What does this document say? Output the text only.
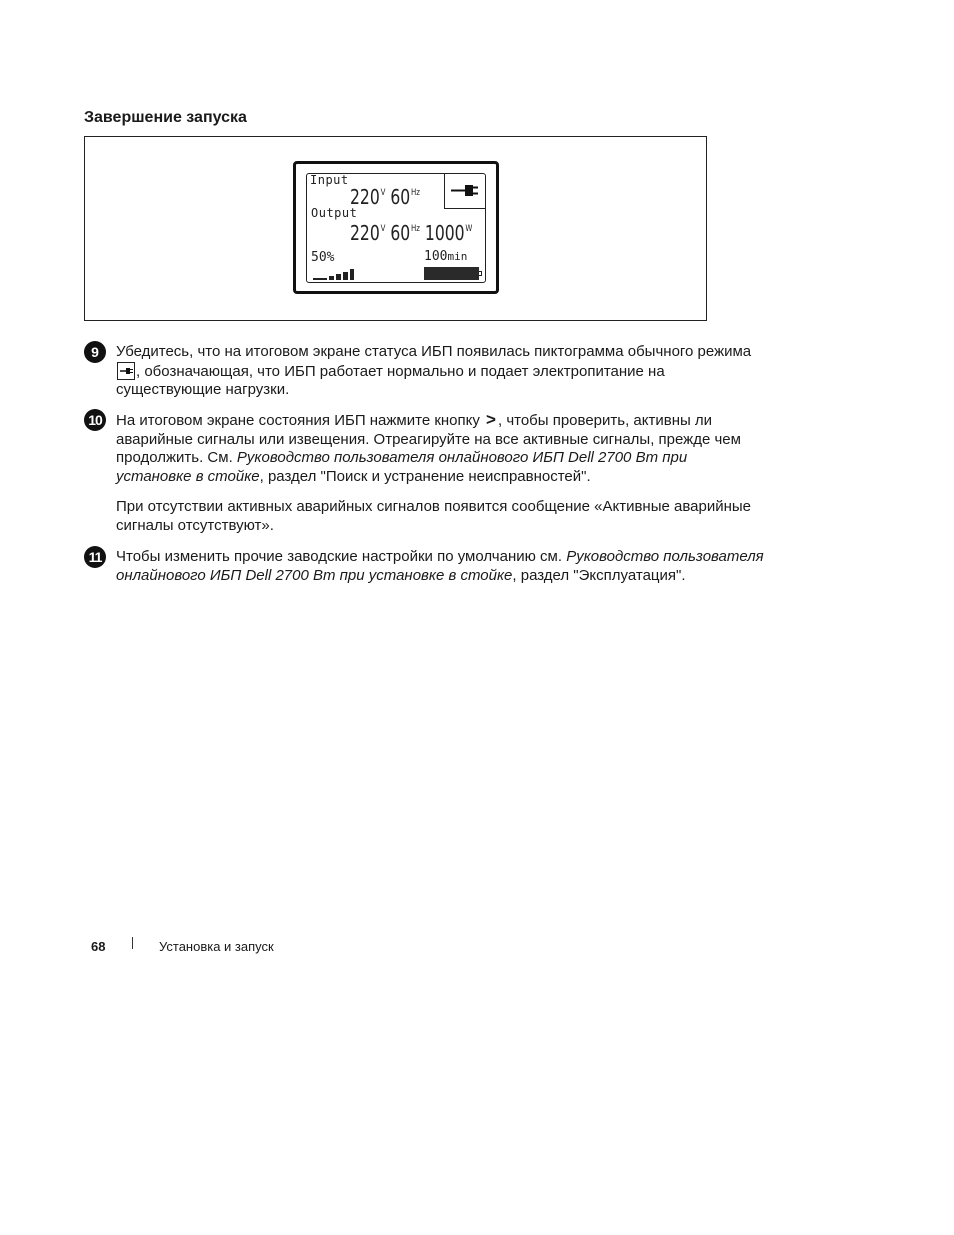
Завершение запуска
Input
$220^V$ $60^{Hz}$
Output
$220^V$ $60^{Hz}$ $1000^W$
50%	100min
9	Убедитесь, что на итоговом экране статуса ИБП появилась пиктограмма обычного режима
, обозначающая, что ИБП работает нормально и подает электропитание на существующие нагрузки.

10 На итоговом экране состояния ИБП нажмите кнопку > , чтобы проверить, активны ли аварийные сигналы или извещения. Отреагируйте на все активные сигналы, прежде чем продолжить. См. Руководство пользователя онлайнового ИБП Dell 2700 Вт при установке в стойке, раздел "Поиск и устранение неисправностей".

При отсутствии активных аварийных сигналов появится сообщение «Активные аварийные сигналы отсутствуют».

11 Чтобы изменить прочие заводские настройки по умолчанию см. Руководство пользователя онлайнового ИБП Dell 2700 Вт при установке в стойке, раздел "Эксплуатация".

68	Установка и запуск
